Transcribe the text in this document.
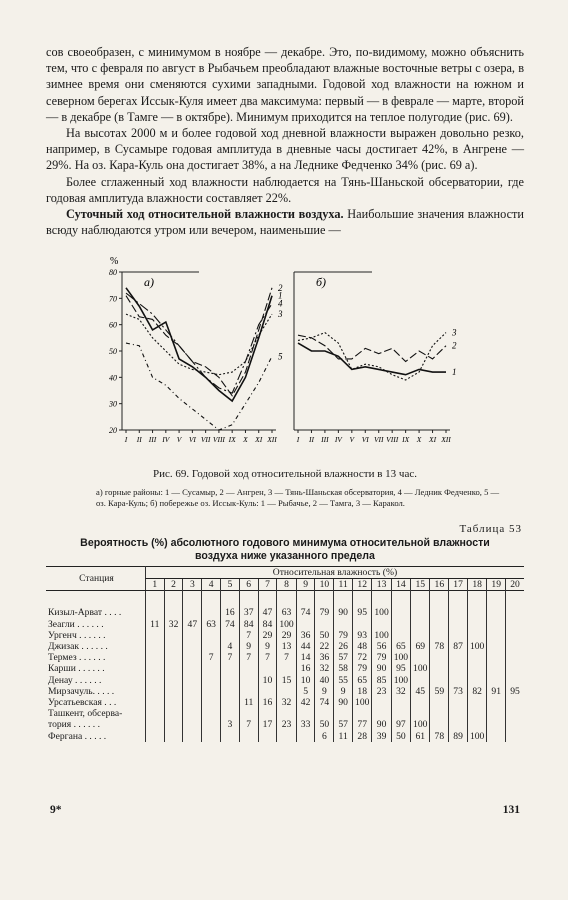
сов своеобразен, с минимумом в ноябре — декабре. Это, по-видимому, можно объяснить тем, что с февраля по август в Рыбачьем преобладают влажные восточные ветры с озера, в зимнее время они сменяются сухими западными. Годовой ход влажности на южном и северном берегах Иссык-Куля имеет два максимума: первый — в феврале — марте, второй — в декабре (в Тамге — в октябре). Минимум приходится на теплое полугодие (рис. 69).

На высотах 2000 м и более годовой ход дневной влажности выражен довольно резко, например, в Сусамыре годовая амплитуда в дневные часы достигает 42%, в Ангрене — 29%. На оз. Кара-Куль она достигает 38%, а на Леднике Федченко 34% (рис. 69 а).

Более сглаженный ход влажности наблюдается на Тянь-Шаньской обсерватории, где годовая амплитуда влажности составляет 22%.

Суточный ход относительной влажности воздуха. Наибольшие значения влажности всюду наблюдаются утром или вечером, наименьшие —

%
а)
I II III IV V VI VII VIII IX X XI XII
20
30
40
50
60
70
80
1
2
3
4
5
б)
I II III IV V VI VII VIII IX X XI XII
1
2
3
Рис. 69. Годовой ход относительной влажности в 13 час.
а) горные районы: 1 — Сусамыр, 2 — Ангрен, 3 — Тянь-Шаньская обсерватория, 4 — Ледник Федченко, 5 — оз. Кара-Куль; б) побережье оз. Иссык-Куль: 1 — Рыбачье, 2 — Тамга, 3 — Каракол.
Таблица 53
Вероятность (%) абсолютного годового минимума относительной влажности воздуха ниже указанного предела
Станция	Относительная влажность (%)																			
	1	2	3	4	5	6	7	8	9	10	11	12	13	14	15	16	17	18	19	20

Кизыл-Арват . . . .					16	37	47	63	74	79	90	95	100							
Зеагли . . . . . .	11	32	47	63	74	84	84	100												
Ургенч . . . . . .						7	29	29	36	50	79	93	100							
Джизак . . . . . .					4	9	9	13	44	22	26	48	56	65	69	78	87	100		
Термез . . . . . .				7	7	7	7	7	14	36	57	72	79	100						
Карши . . . . . .									16	32	58	79	90	95	100					
Денау . . . . . .							10	15	10	40	55	65	85	100						
Мирзачуль. . . . .									5	9	9	18	23	32	45	59	73	82	91	95
Урсатьевская . . .						11	16	32	42	74	90	100								
Ташкент, обсерва-																				
тория . . . . . .					3	7	17	23	33	50	57	77	90	97	100					
Фергана . . . . .										6	11	28	39	50	61	78	89	100		
9*	131
